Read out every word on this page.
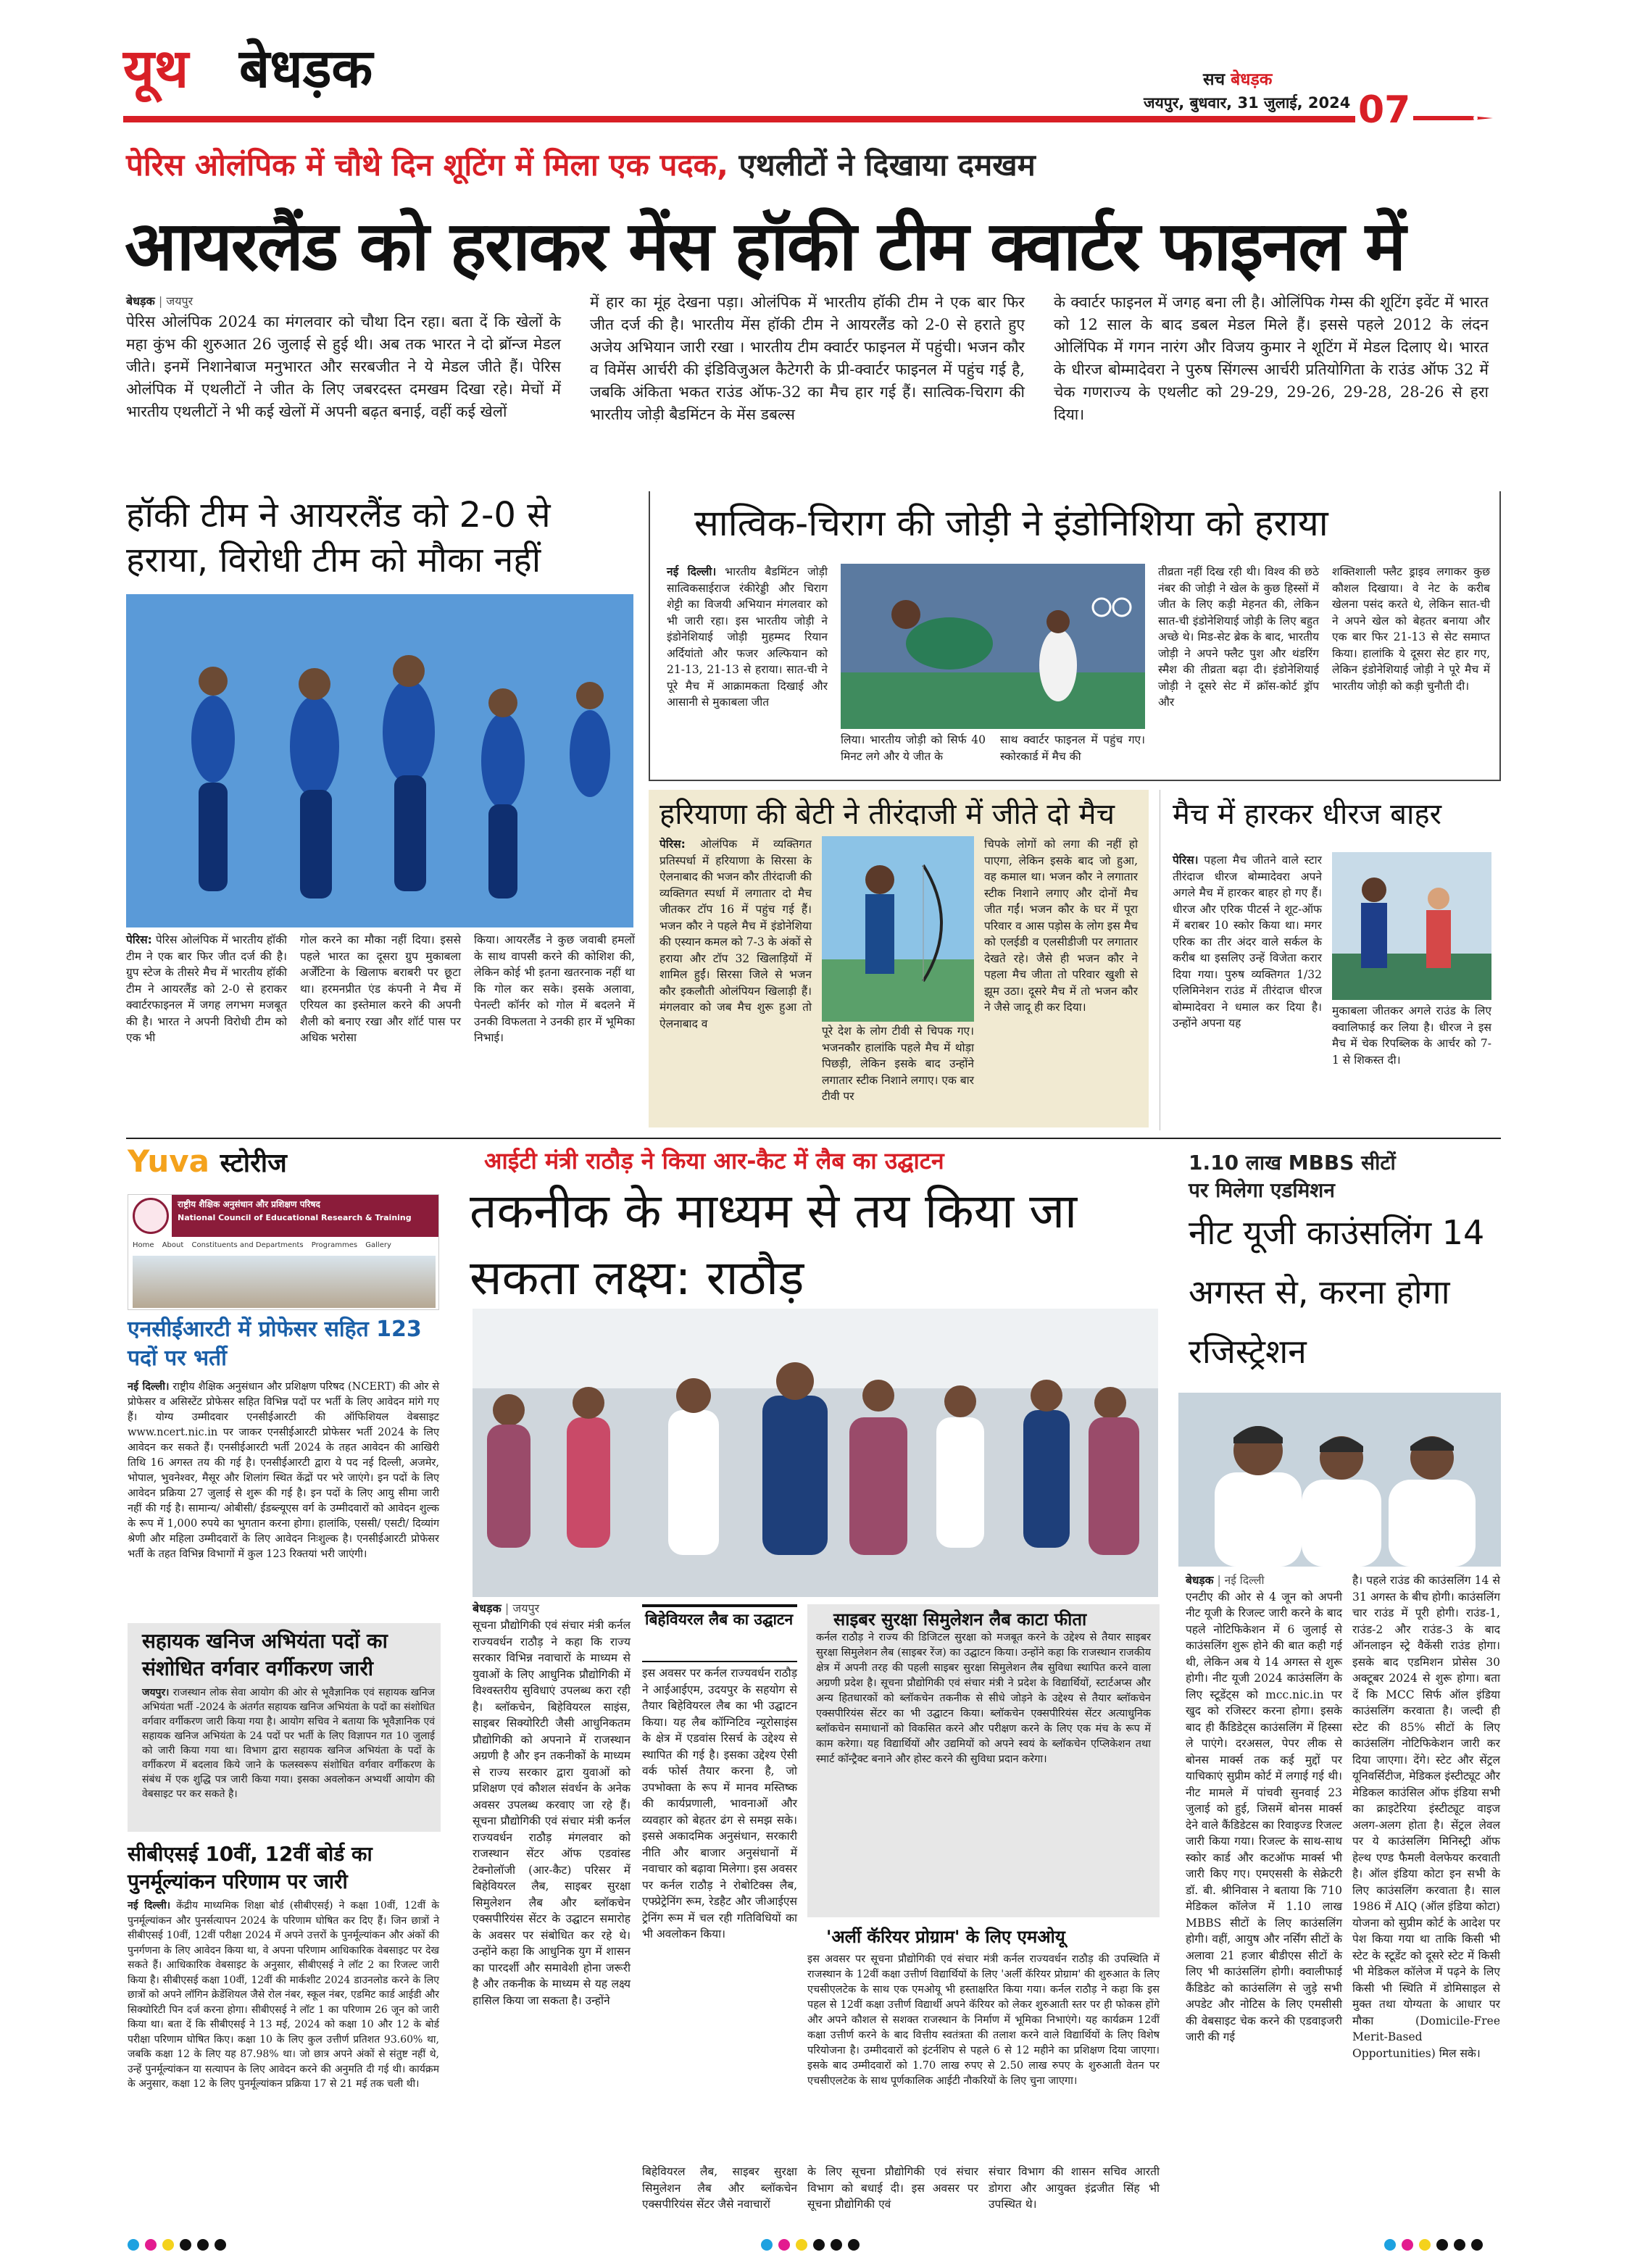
यूथ बेधड़क	सच बेधड़क
जयपुर, बुधवार, 31 जुलाई, 2024 07
पेरिस ओलंपिक में चौथे दिन शूटिंग में मिला एक पदक, एथलीटों ने दिखाया दमखम
आयरलैंड को हराकर मेंस हॉकी टीम क्वार्टर फाइनल में
बेधड़क | जयपुर
पेरिस ओलंपिक 2024 का मंगलवार को चौथा दिन रहा। बता दें कि खेलों के महा कुंभ की शुरुआत 26 जुलाई से हुई थी। अब तक भारत ने दो ब्रॉन्ज मेडल जीते। इनमें निशानेबाज मनुभारत और सरबजीत ने ये मेडल जीते हैं। पेरिस ओलंपिक में एथलीटों ने जीत के लिए जबरदस्त दमखम दिखा रहे। मेचों में भारतीय एथलीटों ने भी कई खेलों में अपनी बढ़त बनाई, वहीं कई खेलों
में हार का मूंह देखना पड़ा। ओलंपिक में भारतीय हॉकी टीम ने एक बार फिर जीत दर्ज की है। भारतीय मेंस हॉकी टीम ने आयरलैंड को 2-0 से हराते हुए अजेय अभियान जारी रखा । भारतीय टीम क्वार्टर फाइनल में पहुंची। भजन कौर व विमेंस आर्चरी की इंडिविजुअल कैटेगरी के प्री-क्वार्टर फाइनल में पहुंच गई है, जबकि अंकिता भकत राउंड ऑफ-32 का मैच हार गई हैं। सात्विक-चिराग की भारतीय जोड़ी बैडमिंटन के मेंस डबल्स
के क्वार्टर फाइनल में जगह बना ली है। ओलिंपिक गेम्स की शूटिंग इवेंट में भारत को 12 साल के बाद डबल मेडल मिले हैं। इससे पहले 2012 के लंदन ओलिंपिक में गगन नारंग और विजय कुमार ने शूटिंग में मेडल दिलाए थे। भारत के धीरज बोम्मादेवरा ने पुरुष सिंगल्स आर्चरी प्रतियोगिता के राउंड ऑफ 32 में चेक गणराज्य के एथलीट को 29-29, 29-26, 29-28, 28-26 से हरा दिया।
हॉकी टीम ने आयरलैंड को 2-0 से हराया, विरोधी टीम को मौका नहीं
पेरिस: पेरिस ओलंपिक में भारतीय हॉकी टीम ने एक बार फिर जीत दर्ज की है। ग्रुप स्टेज के तीसरे मैच में भारतीय हॉकी टीम ने आयरलैंड को 2-0 से हराकर क्वार्टरफाइनल में जगह लगभग मजबूत की है। भारत ने अपनी विरोधी टीम को एक भी
गोल करने का मौका नहीं दिया। इससे पहले भारत का दूसरा ग्रुप मुकाबला अर्जेंटिना के खिलाफ बराबरी पर छूटा था। हरमनप्रीत एंड कंपनी ने मैच में एरियल का इस्तेमाल करने की अपनी शैली को बनाए रखा और शॉर्ट पास पर अधिक भरोसा
किया। आयरलैंड ने कुछ जवाबी हमलों के साथ वापसी करने की कोशिश की, लेकिन कोई भी इतना खतरनाक नहीं था कि गोल कर सके। इसके अलावा, पेनल्टी कॉर्नर को गोल में बदलने में उनकी विफलता ने उनकी हार में भूमिका निभाई।
सात्विक-चिराग की जोड़ी ने इंडोनिशिया को हराया
नई दिल्ली। भारतीय बैडमिंटन जोड़ी सात्विकसाईराज रंकीरेड्डी और चिराग शेट्टी का विजयी अभियान मंगलवार को भी जारी रहा। इस भारतीय जोड़ी ने इंडोनेशियाई जोड़ी मुहम्मद रियान अर्दियांतो और फजर अल्फियान को 21-13, 21-13 से हराया। सात-ची ने पूरे मैच में आक्रामकता दिखाई और आसानी से मुकाबला जीत
लिया। भारतीय जोड़ी को सिर्फ 40 मिनट लगे और ये जीत के
साथ क्वार्टर फाइनल में पहुंच गए। स्कोरकार्ड में मैच की
तीव्रता नहीं दिख रही थी। विश्व की छठे नंबर की जोड़ी ने खेल के कुछ हिस्सों में जीत के लिए कड़ी मेहनत की, लेकिन सात-ची इंडोनेशियाई जोड़ी के लिए बहुत अच्छे थे। मिड-सेट ब्रेक के बाद, भारतीय जोड़ी ने अपने फ्लैट पुश और थंडरिंग स्मैश की तीव्रता बढ़ा दी। इंडोनेशियाई जोड़ी ने दूसरे सेट में क्रॉस-कोर्ट ड्रॉप और
शक्तिशाली फ्लैट ड्राइव लगाकर कुछ कौशल दिखाया। वे नेट के करीब खेलना पसंद करते थे, लेकिन सात-ची ने अपने खेल को बेहतर बनाया और एक बार फिर 21-13 से सेट समाप्त किया। हालांकि ये दूसरा सेट हार गए, लेकिन इंडोनेशियाई जोड़ी ने पूरे मैच में भारतीय जोड़ी को कड़ी चुनौती दी।
हरियाणा की बेटी ने तीरंदाजी में जीते दो मैच
पेरिस: ओलंपिक में व्यक्तिगत प्रतिस्पर्धा में हरियाणा के सिरसा के ऐलनाबाद की भजन कौर तीरंदाजी की व्यक्तिगत स्पर्धा में लगातार दो मैच जीतकर टॉप 16 में पहुंच गई हैं। भजन कौर ने पहले मैच में इंडोनेशिया की एस्यान कमल को 7-3 के अंकों से हराया और टॉप 32 खिलाड़ियों में शामिल हुईं। सिरसा जिले से भजन कौर इकलौती ओलंपियन खिलाड़ी हैं। मंगलवार को जब मैच शुरू हुआ तो ऐलनाबाद व
पूरे देश के लोग टीवी से चिपक गए। भजनकौर हालांकि पहले मैच में थोड़ा पिछड़ी, लेकिन इसके बाद उन्होंने लगातार स्टीक निशाने लगाए। एक बार टीवी पर
चिपके लोगों को लगा की नहीं हो पाएगा, लेकिन इसके बाद जो हुआ, वह कमाल था। भजन कौर ने लगातार स्टीक निशाने लगाए और दोनों मैच जीत गईं। भजन कौर के घर में पूरा परिवार व आस पड़ोस के लोग इस मैच को एलईडी व एलसीडीजी पर लगातार देखते रहे। जैसे ही भजन कौर ने पहला मैच जीता तो परिवार खुशी से झूम उठा। दूसरे मैच में तो भजन कौर ने जैसे जादू ही कर दिया।
मैच में हारकर धीरज बाहर
पेरिस। पहला मैच जीतने वाले स्टार तीरंदाज धीरज बोम्मादेवरा अपने अगले मैच में हारकर बाहर हो गए हैं। धीरज और एरिक पीटर्स ने शूट-ऑफ में बराबर 10 स्कोर किया था। मगर एरिक का तीर अंदर वाले सर्कल के करीब था इसलिए उन्हें विजेता करार दिया गया। पुरुष व्यक्तिगत 1/32 एलिमिनेशन राउंड में तीरंदाज धीरज बोम्मादेवरा ने धमाल कर दिया है। उन्होंने अपना यह
मुकाबला जीतकर अगले राउंड के लिए क्वालिफाई कर लिया है। धीरज ने इस मैच में चेक रिपब्लिक के आर्चर को 7-1 से शिकस्त दी।
Yuva स्टोरीज
राष्ट्रीय शैक्षिक अनुसंधान और प्रशिक्षण परिषद
National Council of Educational Research & Training
Home About Constituents and Departments Programmes Gallery
एनसीईआरटी में प्रोफेसर सहित 123 पदों पर भर्ती
नई दिल्ली। राष्ट्रीय शैक्षिक अनुसंधान और प्रशिक्षण परिषद (NCERT) की ओर से प्रोफेसर व असिस्टेंट प्रोफेसर सहित विभिन्न पदों पर भर्ती के लिए आवेदन मांगे गए हैं। योग्य उम्मीदवार एनसीईआरटी की ऑफिशियल वेबसाइट www.ncert.nic.in पर जाकर एनसीईआरटी प्रोफेसर भर्ती 2024 के लिए आवेदन कर सकते हैं। एनसीईआरटी भर्ती 2024 के तहत आवेदन की आखिरी तिथि 16 अगस्त तय की गई है। एनसीईआरटी द्वारा ये पद नई दिल्ली, अजमेर, भोपाल, भुवनेश्वर, मैसूर और शिलांग स्थित केंद्रों पर भरे जाएंगे। इन पदों के लिए आवेदन प्रक्रिया 27 जुलाई से शुरू की गई है। इन पदों के लिए आयु सीमा जारी नहीं की गई है। सामान्य/ ओबीसी/ ईडब्ल्यूएस वर्ग के उम्मीदवारों को आवेदन शुल्क के रूप में 1,000 रुपये का भुगतान करना होगा। हालांकि, एससी/ एसटी/ दिव्यांग श्रेणी और महिला उम्मीदवारों के लिए आवेदन निःशुल्क है। एनसीईआरटी प्रोफेसर भर्ती के तहत विभिन्न विभागों में कुल 123 रिक्तयां भरी जाएंगी।
सहायक खनिज अभियंता पदों का संशोधित वर्गवार वर्गीकरण जारी
जयपुर। राजस्थान लोक सेवा आयोग की ओर से भूवैज्ञानिक एवं सहायक खनिज अभियंता भर्ती -2024 के अंतर्गत सहायक खनिज अभियंता के पदों का संशोधित वर्गवार वर्गीकरण जारी किया गया है। आयोग सचिव ने बताया कि भूवैज्ञानिक एवं सहायक खनिज अभियंता के 24 पदों पर भर्ती के लिए विज्ञापन गत 10 जुलाई को जारी किया गया था। विभाग द्वारा सहायक खनिज अभियंता के पदों के वर्गीकरण में बदलाव किये जाने के फलस्वरूप संशोधित वर्गवार वर्गीकरण के संबंध में एक शुद्धि पत्र जारी किया गया। इसका अवलोकन अभ्यर्थी आयोग की वेबसाइट पर कर सकते है।
सीबीएसई 10वीं, 12वीं बोर्ड का पुनर्मूल्यांकन परिणाम पर जारी
नई दिल्ली। केंद्रीय माध्यमिक शिक्षा बोर्ड (सीबीएसई) ने कक्षा 10वीं, 12वीं के पुनर्मूल्यांकन और पुनर्सत्यापन 2024 के परिणाम घोषित कर दिए हैं। जिन छात्रों ने सीबीएसई 10वीं, 12वीं परीक्षा 2024 में अपने उत्तरों के पुनर्मूल्यांकन और अंकों की पुनर्गणना के लिए आवेदन किया था, वे अपना परिणाम आधिकारिक वेबसाइट पर देख सकते हैं। आधिकारिक वेबसाइट के अनुसार, सीबीएसई ने लॉट 2 का रिजल्ट जारी किया है। सीबीएसई कक्षा 10वीं, 12वीं की मार्कशीट 2024 डाउनलोड करने के लिए छात्रों को अपने लॉगिन क्रेडेंशियल जैसे रोल नंबर, स्कूल नंबर, एडमिट कार्ड आईडी और सिक्योरिटी पिन दर्ज करना होगा। सीबीएसई ने लॉट 1 का परिणाम 26 जून को जारी किया था। बता दें कि सीबीएसई ने 13 मई, 2024 को कक्षा 10 और 12 के बोर्ड परीक्षा परिणाम घोषित किए। कक्षा 10 के लिए कुल उत्तीर्ण प्रतिशत 93.60% था, जबकि कक्षा 12 के लिए यह 87.98% था। जो छात्र अपने अंकों से संतुष्ट नहीं थे, उन्हें पुनर्मूल्यांकन या सत्यापन के लिए आवेदन करने की अनुमति दी गई थी। कार्यक्रम के अनुसार, कक्षा 12 के लिए पुनर्मूल्यांकन प्रक्रिया 17 से 21 मई तक चली थी।
आईटी मंत्री राठौड़ ने किया आर-कैट में लैब का उद्घाटन
तकनीक के माध्यम से तय किया जा सकता लक्ष्य: राठौड़
बेधड़क | जयपुर
सूचना प्रौद्योगिकी एवं संचार मंत्री कर्नल राज्यवर्धन राठौड़ ने कहा कि राज्य सरकार विभिन्न नवाचारों के माध्यम से युवाओं के लिए आधुनिक प्रौद्योगिकी में विश्वस्तरीय सुविधाएं उपलब्ध करा रही है। ब्लॉकचेन, बिहेवियरल साइंस, साइबर सिक्योरिटी जैसी आधुनिकतम प्रौद्योगिकी को अपनाने में राजस्थान अग्रणी है और इन तकनीकों के माध्यम से राज्य सरकार द्वारा युवाओं को प्रशिक्षण एवं कौशल संवर्धन के अनेक अवसर उपलब्ध करवाए जा रहे हैं। सूचना प्रौद्योगिकी एवं संचार मंत्री कर्नल राज्यवर्धन राठौड़ मंगलवार को राजस्थान सेंटर ऑफ एडवांस्ड टेक्नोलॉजी (आर-कैट) परिसर में बिहेवियरल लैब, साइबर सुरक्षा सिमुलेशन लैब और ब्लॉकचेन एक्सपीरियंस सेंटर के उद्घाटन समारोह के अवसर पर संबोधित कर रहे थे। उन्होंने कहा कि आधुनिक युग में शासन का पारदर्शी और समावेशी होना जरूरी है और तकनीक के माध्यम से यह लक्ष्य हासिल किया जा सकता है। उन्होंने
बिहेवियरल लैब का उद्घाटन
इस अवसर पर कर्नल राज्यवर्धन राठौड़ ने आईआईएम, उदयपुर के सहयोग से तैयार बिहेवियरल लैब का भी उद्घाटन किया। यह लैब कॉग्निटिव न्यूरोसाइंस के क्षेत्र में एडवांस रिसर्च के उद्देश्य से स्थापित की गई है। इसका उद्देश्य ऐसी वर्क फोर्स तैयार करना है, जो उपभोक्ता के रूप में मानव मस्तिष्क की कार्यप्रणाली, भावनाओं और व्यवहार को बेहतर ढंग से समझ सके। इससे अकादमिक अनुसंधान, सरकारी नीति और बाजार अनुसंधानों में नवाचार को बढ़ावा मिलेगा। इस अवसर पर कर्नल राठौड़ ने रोबोटिक्स लैब, एफ्प्रेट्रेनिंग रूम, रेडहैट और जीआईएस ट्रेनिंग रूम में चल रही गतिविधियों का भी अवलोकन किया।
साइबर सुरक्षा सिमुलेशन लैब काटा फीता
कर्नल राठौड़ ने राज्य की डिजिटल सुरक्षा को मजबूत करने के उद्देश्य से तैयार साइबर सुरक्षा सिमुलेशन लैब (साइबर रेंज) का उद्घाटन किया। उन्होंने कहा कि राजस्थान राजकीय क्षेत्र में अपनी तरह की पहली साइबर सुरक्षा सिमुलेशन लैब सुविधा स्थापित करने वाला अग्रणी प्रदेश है। सूचना प्रौद्योगिकी एवं संचार मंत्री ने प्रदेश के विद्यार्थियों, स्टार्टअप्स और अन्य हितधारकों को ब्लॉकचेन तकनीक से सीधे जोड़ने के उद्देश्य से तैयार ब्लॉकचेन एक्सपीरियंस सेंटर का भी उद्घाटन किया। ब्लॉकचेन एक्सपीरियंस सेंटर अत्याधुनिक ब्लॉकचेन समाधानों को विकसित करने और परीक्षण करने के लिए एक मंच के रूप में काम करेगा। यह विद्यार्थियों और उद्यमियों को अपने स्वयं के ब्लॉकचेन एप्लिकेशन तथा स्मार्ट कॉन्ट्रैक्ट बनाने और होस्ट करने की सुविधा प्रदान करेगा।
'अर्ली कॅरियर प्रोग्राम' के लिए एमओयू
इस अवसर पर सूचना प्रौद्योगिकी एवं संचार मंत्री कर्नल राज्यवर्धन राठौड़ की उपस्थिति में राजस्थान के 12वीं कक्षा उत्तीर्ण विद्यार्थियों के लिए 'अर्ली कॅरियर प्रोग्राम' की शुरुआत के लिए एचसीएलटेक के साथ एक एमओयू भी हस्ताक्षरित किया गया। कर्नल राठौड़ ने कहा कि इस पहल से 12वीं कक्षा उत्तीर्ण विद्यार्थी अपने कॅरियर को लेकर शुरुआती स्तर पर ही फोकस होंगे और अपने कौशल से सशक्त राजस्थान के निर्माण में भूमिका निभाएंगे। यह कार्यक्रम 12वीं कक्षा उत्तीर्ण करने के बाद वित्तीय स्वतंत्रता की तलाश करने वाले विद्यार्थियों के लिए विशेष परियोजना है। उम्मीदवारों को इंटर्नशिप से पहले 6 से 12 महीने का प्रशिक्षण दिया जाएगा। इसके बाद उम्मीदवारों को 1.70 लाख रुपए से 2.50 लाख रुपए के शुरुआती वेतन पर एचसीएलटेक के साथ पूर्णकालिक आईटी नौकरियों के लिए चुना जाएगा।
बिहेवियरल लैब, साइबर सुरक्षा सिमुलेशन लैब और ब्लॉकचेन एक्सपीरियंस सेंटर जैसे नवाचारों
के लिए सूचना प्रौद्योगिकी एवं संचार विभाग को बधाई दी। इस अवसर पर सूचना प्रौद्योगिकी एवं
संचार विभाग की शासन सचिव आरती डोगरा और आयुक्त इंद्रजीत सिंह भी उपस्थित थे।
1.10 लाख MBBS सीटों पर मिलेगा एडमिशन
नीट यूजी काउंसलिंग 14 अगस्त से, करना होगा रजिस्ट्रेशन
बेधड़क | नई दिल्ली
एनटीए की ओर से 4 जून को अपनी नीट यूजी के रिजल्ट जारी करने के बाद पहले नोटिफिकेशन में 6 जुलाई से काउंसलिंग शुरू होने की बात कही गई थी, लेकिन अब ये 14 अगस्त से शुरू होगी। नीट यूजी 2024 काउंसलिंग के लिए स्टूडेंट्स को mcc.nic.in पर खुद को रजिस्टर करना होगा। इसके बाद ही कैंडिडेट्स काउंसलिंग में हिस्सा ले पाएंगे। दरअसल, पेपर लीक से बोनस मार्क्स तक कई मुद्दों पर याचिकाएं सुप्रीम कोर्ट में लगाई गई थी। नीट मामले में पांचवी सुनवाई 23 जुलाई को हुई, जिसमें बोनस मार्क्स देने वाले कैंडिडेटस का रिवाइज्ड रिजल्ट जारी किया गया। रिजल्ट के साथ-साथ स्कोर कार्ड और कटऑफ मार्क्स भी जारी किए गए। एमएससी के सेक्रेटरी डॉ. बी. श्रीनिवास ने बताया कि 710 मेडिकल कॉलेज में 1.10 लाख MBBS सीटों के लिए काउंसलिंग होगी। वहीं, आयुष और नर्सिंग सीटों के अलावा 21 हजार बीडीएस सीटों के लिए भी काउंसलिंग होगी। क्वालीफाई कैंडिडेट को काउंसलिंग से जुड़े सभी अपडेट और नोटिस के लिए एमसीसी की वेबसाइट चेक करने की एडवाइजरी जारी की गई
है। पहले राउंड की काउंसलिंग 14 से 31 अगस्त के बीच होगी। काउंसलिंग चार राउंड में पूरी होगी। राउंड-1, राउंड-2 और राउंड-3 के बाद ऑनलाइन स्ट्रे वैकेंसी राउंड होगा। इसके बाद एडमिशन प्रोसेस 30 अक्टूबर 2024 से शुरू होगा। बता दें कि MCC सिर्फ ऑल इंडिया काउंसलिंग करवाता है। जल्दी ही स्टेट की 85% सीटों के लिए काउंसलिंग नोटिफिकेशन जारी कर दिया जाएगा। देंगे। स्टेट और सेंट्रल यूनिवर्सिटीज, मेडिकल इंस्टीट्यूट और मेडिकल काउंसिल ऑफ इंडिया सभी का क्राइटेरिया इंस्टीट्यूट वाइज अलग-अलग होता है। सेंट्रल लेवल पर ये काउंसलिंग मिनिस्ट्री ऑफ हेल्थ एण्ड फैमली वेलफेयर करवाती है। ऑल इंडिया कोटा इन सभी के लिए काउंसलिंग करवाता है। साल 1986 में AIQ (ऑल इंडिया कोटा) योजना को सुप्रीम कोर्ट के आदेश पर पेश किया गया था ताकि किसी भी स्टेट के स्टूडेंट को दूसरे स्टेट में किसी भी मेडिकल कॉलेज में पढ़ने के लिए किसी भी स्थिति में डोमिसाइल से मुक्त तथा योग्यता के आधार पर मौका (Domicile-Free Merit-Based Opportunities) मिल सके।
